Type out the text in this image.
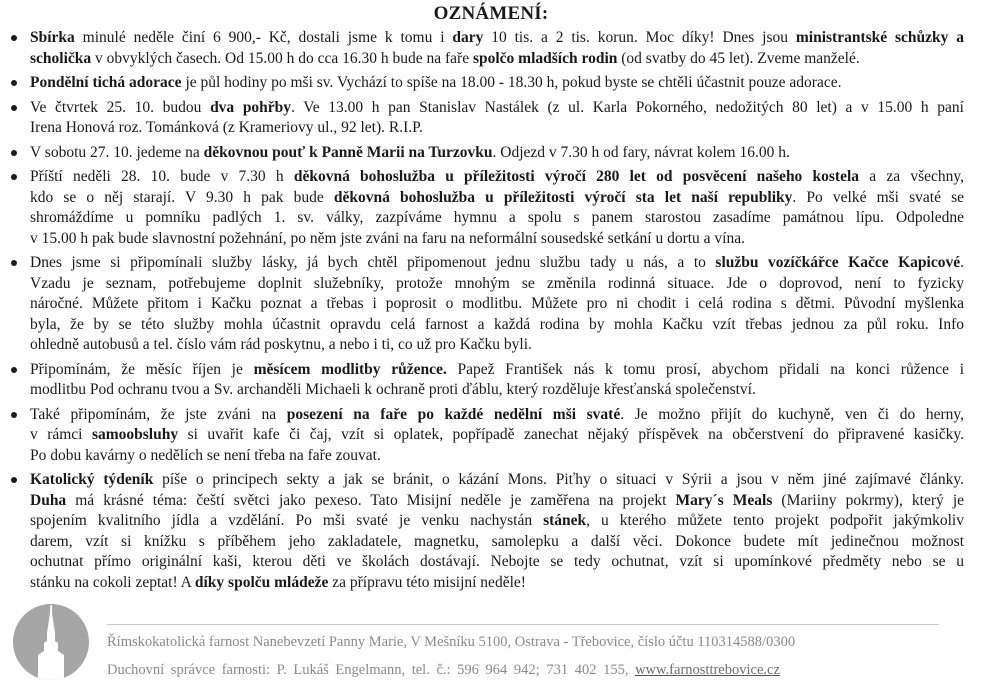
OZNÁMENÍ:
Sbírka minulé neděle činí 6 900,- Kč, dostali jsme k tomu i dary 10 tis. a 2 tis. korun. Moc díky! Dnes jsou ministrantské schůzky a
scholička v obvyklých časech. Od 15.00 h do cca 16.30 h bude na faře spolčo mladších rodin (od svatby do 45 let). Zveme manželé.
Pondělní tichá adorace je půl hodiny po mši sv. Vychází to spíše na 18.00 - 18.30 h, pokud byste se chtěli účastnit pouze adorace.
Ve čtvrtek 25. 10. budou dva pohřby. Ve 13.00 h pan Stanislav Nastálek (z ul. Karla Pokorného, nedožitých 80 let) a v 15.00 h paní
Irena Honová roz. Tománková (z Krameriovy ul., 92 let). R.I.P.
V sobotu 27. 10. jedeme na děkovnou pouť k Panně Marii na Turzovku. Odjezd v 7.30 h od fary, návrat kolem 16.00 h.
Příští neděli 28. 10. bude v 7.30 h děkovná bohoslužba u příležitosti výročí 280 let od posvěcení našeho kostela a za všechny,
kdo se o něj starají. V 9.30 h pak bude děkovná bohoslužba u příležitosti výročí sta let naší republiky. Po velké mši svaté se
shromáždíme u pomníku padlých 1. sv. války, zazpíváme hymnu a spolu s panem starostou zasadíme památnou lípu. Odpoledne
v 15.00 h pak bude slavnostní požehnání, po něm jste zváni na faru na neformální sousedské setkání u dortu a vína.
Dnes jsme si připomínali služby lásky, já bych chtěl připomenout jednu službu tady u nás, a to službu vozíčkářce Kačce Kapicové.
Vzadu je seznam, potřebujeme doplnit služebníky, protože mnohým se změnila rodinná situace. Jde o doprovod, není to fyzicky
náročné. Můžete přitom i Kačku poznat a třebas i poprosit o modlitbu. Můžete pro ni chodit i celá rodina s dětmi. Původní myšlenka
byla, že by se této služby mohla účastnit opravdu celá farnost a každá rodina by mohla Kačku vzít třebas jednou za půl roku. Info
ohledně autobusů a tel. číslo vám rád poskytnu, a nebo i ti, co už pro Kačku byli.
Připomínám, že měsíc říjen je měsícem modlitby růžence. Papež František nás k tomu prosí, abychom přidali na konci růžence i
modlitbu Pod ochranu tvou a Sv. archanděli Michaeli k ochraně proti ďáblu, který rozděluje křesťanská společenství.
Také připomínám, že jste zváni na posezení na faře po každé nedělní mši svaté. Je možno přijít do kuchyně, ven či do herny,
v rámci samoobsluhy si uvařit kafe či čaj, vzít si oplatek, popřípadě zanechat nějaký příspěvek na občerstvení do připravené kasičky.
Po dobu kavárny o nedělích se není třeba na faře zouvat.
Katolický týdeník píše o principech sekty a jak se bránit, o kázání Mons. Piťhy o situaci v Sýrii a jsou v něm jiné zajímavé články.
Duha má krásné téma: čeští světci jako pexeso. Tato Misijní neděle je zaměřena na projekt Mary´s Meals (Mariiny pokrmy), který je
spojením kvalitního jídla a vzdělání. Po mši svaté je venku nachystán stánek, u kterého můžete tento projekt podpořit jakýmkoliv
darem, vzít si knížku s příběhem jeho zakladatele, magnetku, samolepku a další věci. Dokonce budete mít jedinečnou možnost
ochutnat přímo originální kaši, kterou děti ve školách dostávají. Nebojte se tedy ochutnat, vzít si upomínkové předměty nebo se u
stánku na cokoli zeptat! A díky spolču mládeže za přípravu této misijní neděle!
Římskokatolická farnost Nanebevzetí Panny Marie, V Mešníku 5100, Ostrava - Třebovice, číslo účtu 110314588/0300
Duchovní správce farnosti: P. Lukáš Engelmann, tel. č.: 596 964 942; 731 402 155, www.farnosttrebovice.cz
